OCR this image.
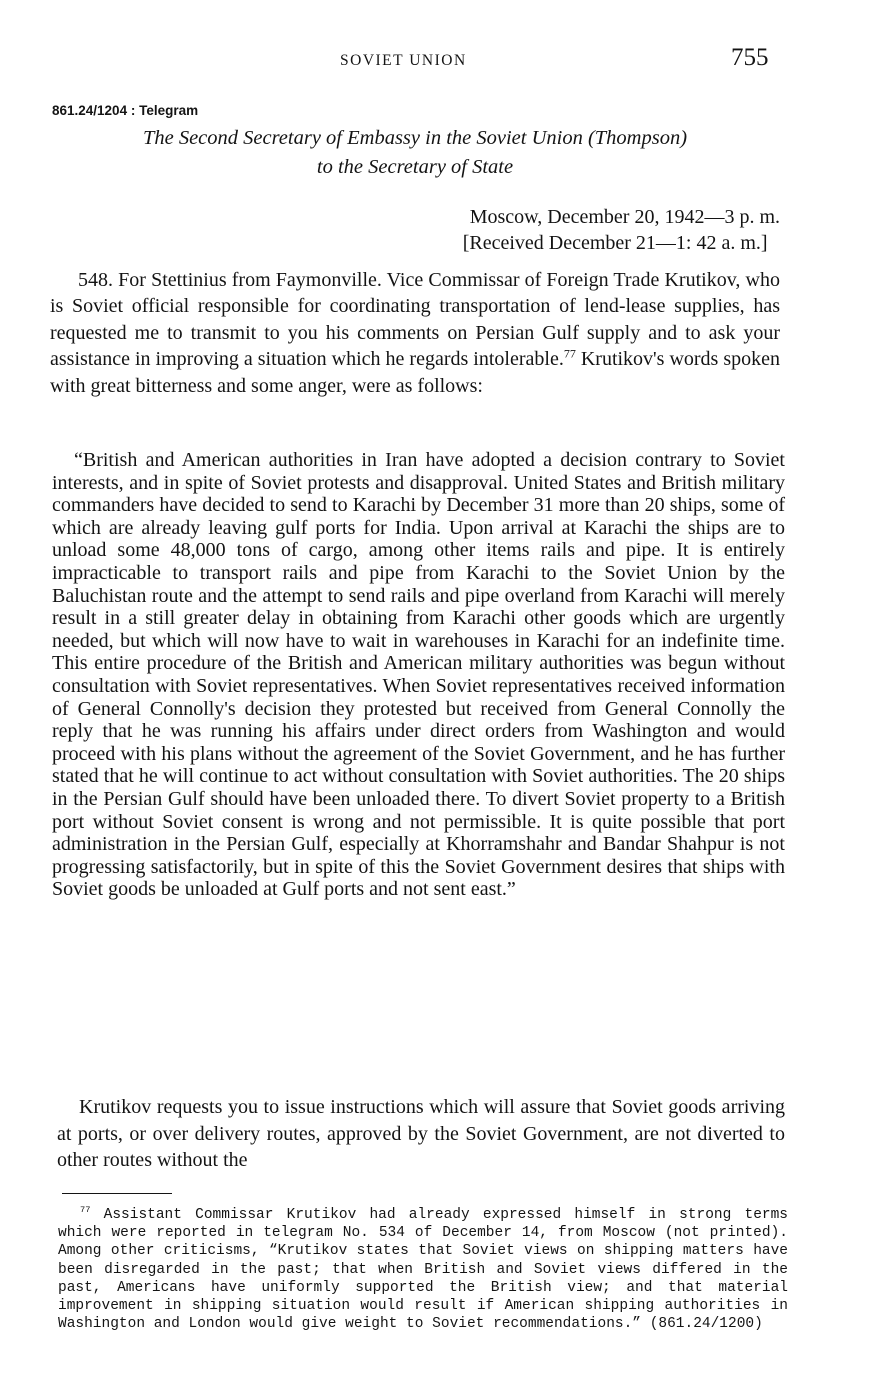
SOVIET UNION	755
861.24/1204 : Telegram
The Second Secretary of Embassy in the Soviet Union (Thompson)
to the Secretary of State
Moscow, December 20, 1942—3 p. m.
[Received December 21—1: 42 a. m.]

548. For Stettinius from Faymonville. Vice Commissar of Foreign Trade Krutikov, who is Soviet official responsible for coordinating transportation of lend-lease supplies, has requested me to transmit to you his comments on Persian Gulf supply and to ask your assistance in improving a situation which he regards intolerable.$^{77}$ Krutikov's words spoken with great bitterness and some anger, were as follows:

“British and American authorities in Iran have adopted a decision contrary to Soviet interests, and in spite of Soviet protests and disapproval. United States and British military commanders have decided to send to Karachi by December 31 more than 20 ships, some of which are already leaving gulf ports for India. Upon arrival at Karachi the ships are to unload some 48,000 tons of cargo, among other items rails and pipe. It is entirely impracticable to transport rails and pipe from Karachi to the Soviet Union by the Baluchistan route and the attempt to send rails and pipe overland from Karachi will merely result in a still greater delay in obtaining from Karachi other goods which are urgently needed, but which will now have to wait in warehouses in Karachi for an indefinite time. This entire procedure of the British and American military authorities was begun without consultation with Soviet representatives. When Soviet representatives received information of General Connolly's decision they protested but received from General Connolly the reply that he was running his affairs under direct orders from Washington and would proceed with his plans without the agreement of the Soviet Government, and he has further stated that he will continue to act without consultation with Soviet authorities. The 20 ships in the Persian Gulf should have been unloaded there. To divert Soviet property to a British port without Soviet consent is wrong and not permissible. It is quite possible that port administration in the Persian Gulf, especially at Khorramshahr and Bandar Shahpur is not progressing satisfactorily, but in spite of this the Soviet Government desires that ships with Soviet goods be unloaded at Gulf ports and not sent east.”

Krutikov requests you to issue instructions which will assure that Soviet goods arriving at ports, or over delivery routes, approved by the Soviet Government, are not diverted to other routes without the

$^{77}$ Assistant Commissar Krutikov had already expressed himself in strong terms which were reported in telegram No. 534 of December 14, from Moscow (not printed). Among other criticisms, “Krutikov states that Soviet views on shipping matters have been disregarded in the past; that when British and Soviet views differed in the past, Americans have uniformly supported the British view; and that material improvement in shipping situation would result if American shipping authorities in Washington and London would give weight to Soviet recommendations.” (861.24/1200)
